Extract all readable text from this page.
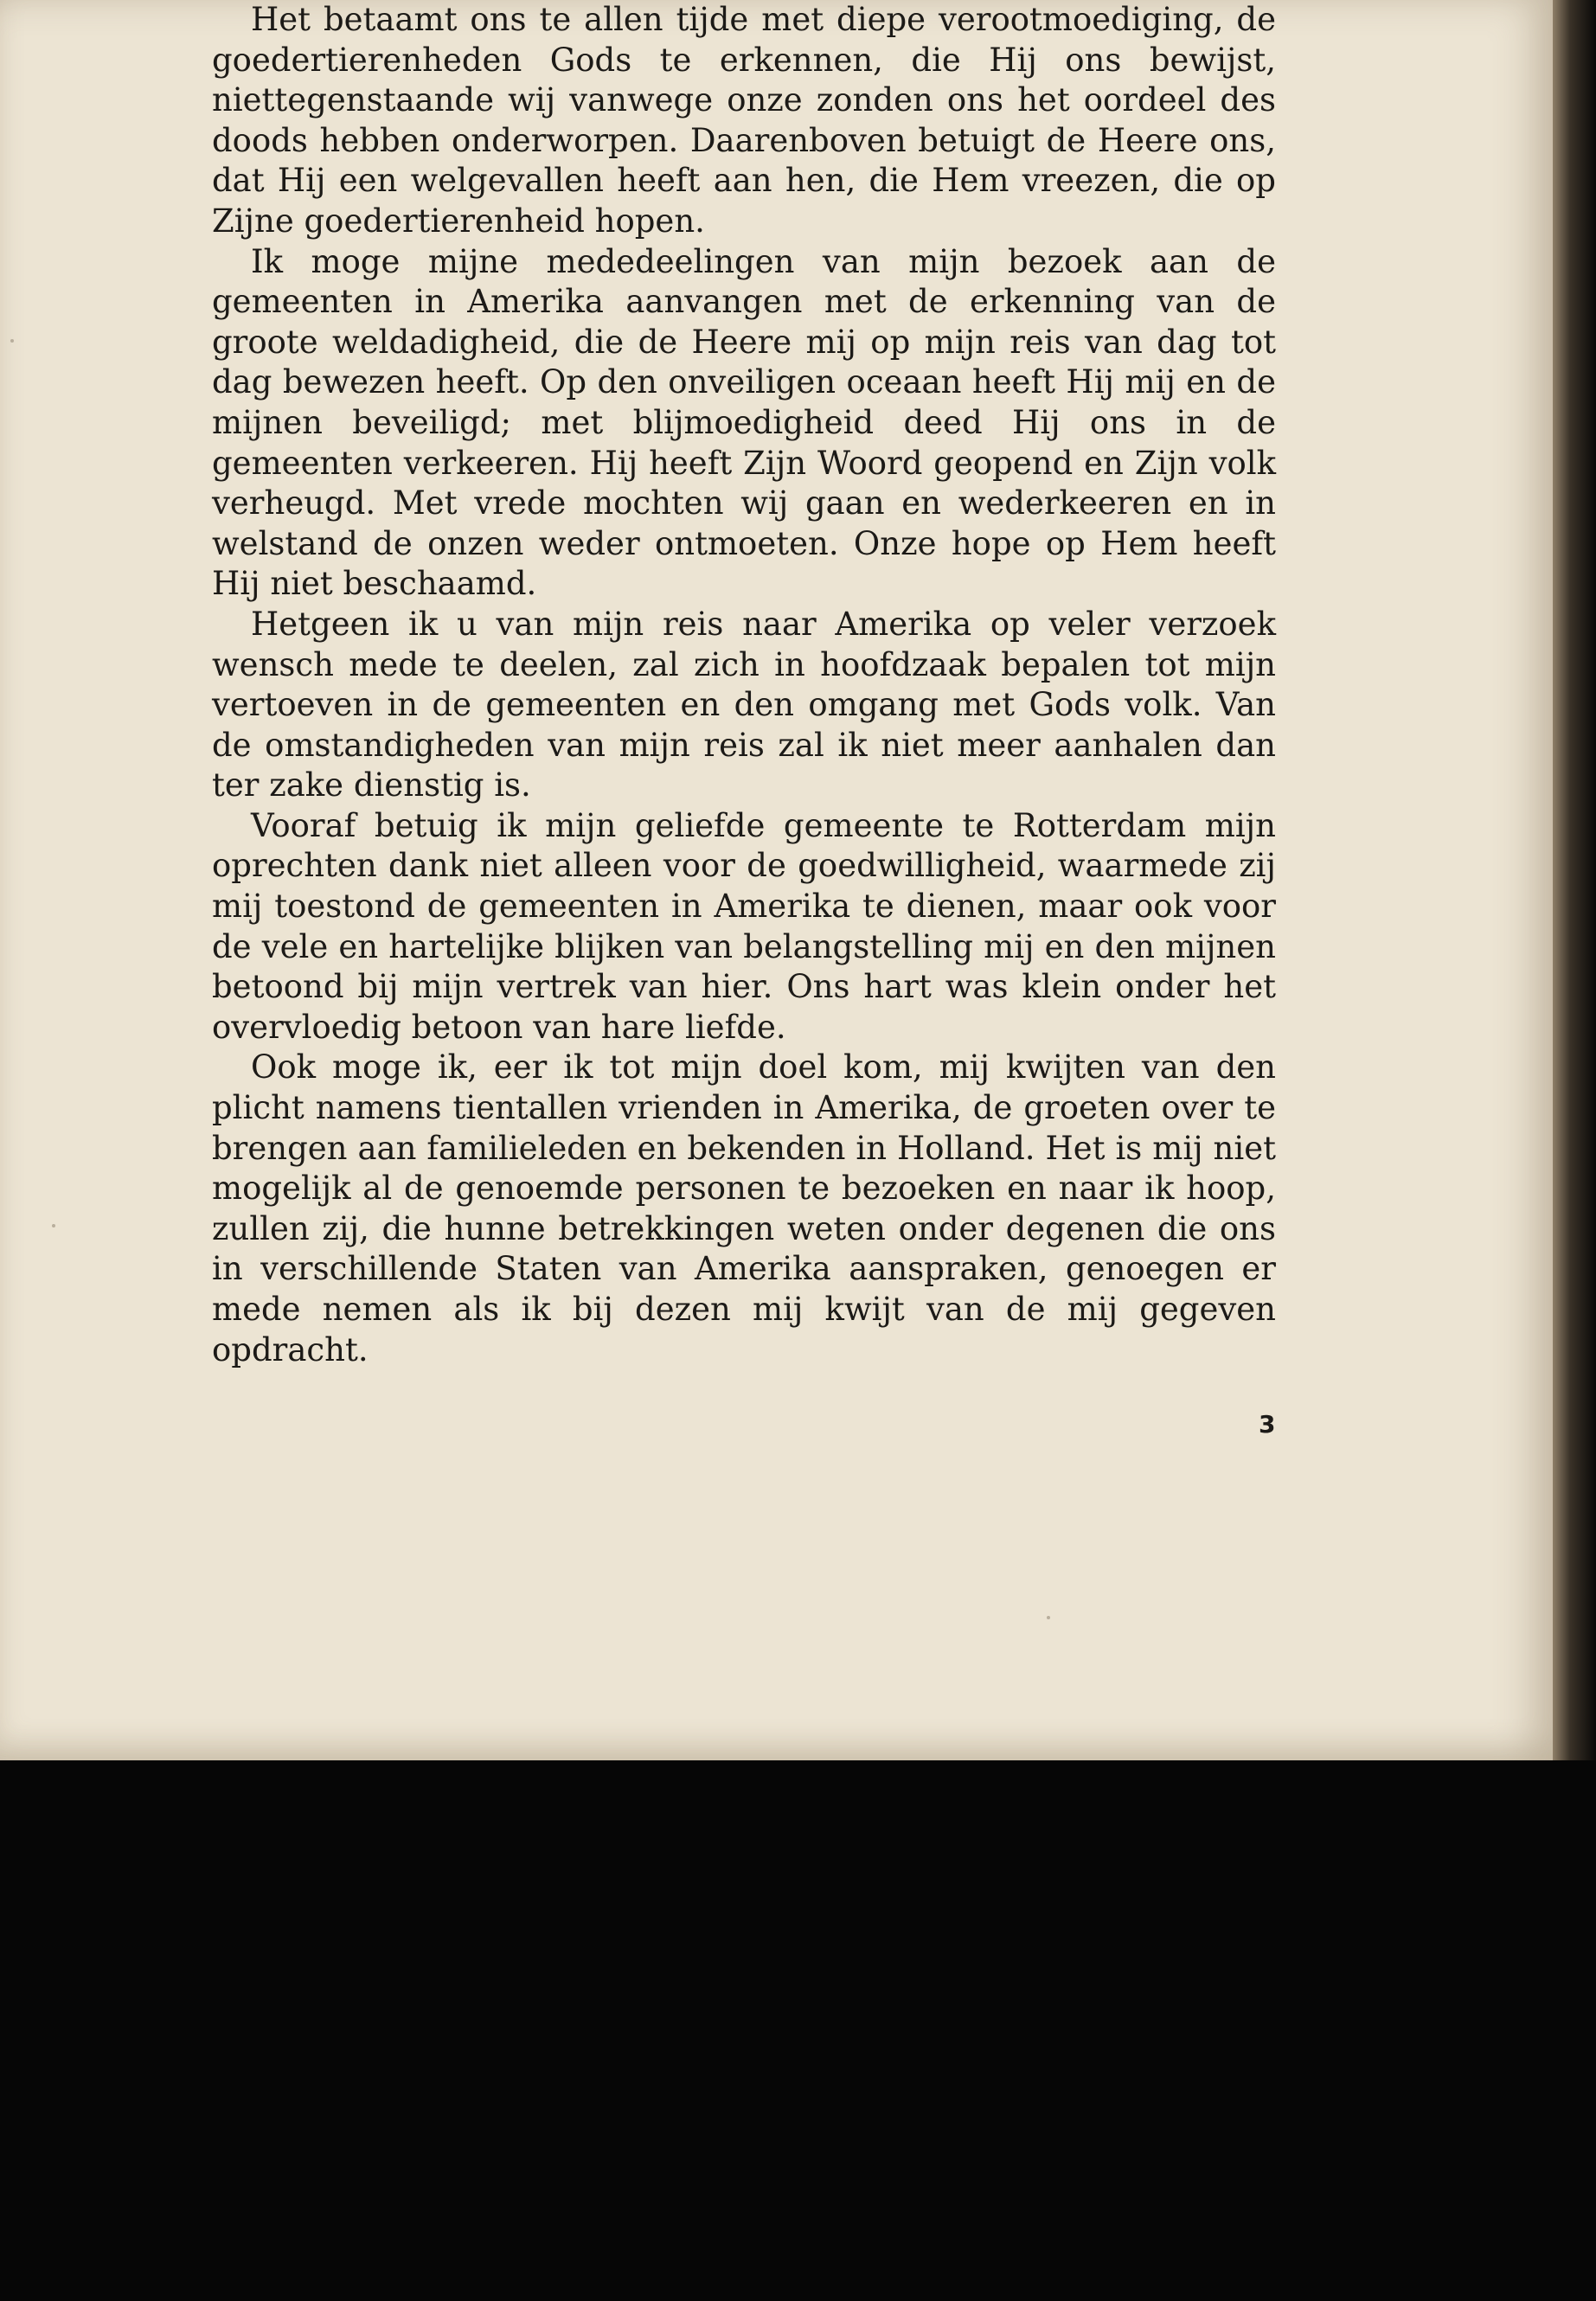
Het betaamt ons te allen tijde met diepe verootmoediging, de goedertierenheden Gods te erkennen, die Hij ons bewijst, niettegenstaande wij vanwege onze zonden ons het oordeel des doods hebben onderworpen. Daarenboven betuigt de Heere ons, dat Hij een welgevallen heeft aan hen, die Hem vreezen, die op Zijne goedertierenheid hopen.

Ik moge mijne mededeelingen van mijn bezoek aan de gemeenten in Amerika aanvangen met de erkenning van de groote weldadigheid, die de Heere mij op mijn reis van dag tot dag bewezen heeft. Op den onveiligen oceaan heeft Hij mij en de mijnen beveiligd; met blijmoedigheid deed Hij ons in de gemeenten verkeeren. Hij heeft Zijn Woord geopend en Zijn volk verheugd. Met vrede mochten wij gaan en wederkeeren en in welstand de onzen weder ontmoeten. Onze hope op Hem heeft Hij niet beschaamd.

Hetgeen ik u van mijn reis naar Amerika op veler verzoek wensch mede te deelen, zal zich in hoofdzaak bepalen tot mijn vertoeven in de gemeenten en den omgang met Gods volk. Van de omstandigheden van mijn reis zal ik niet meer aanhalen dan ter zake dienstig is.

Vooraf betuig ik mijn geliefde gemeente te Rotterdam mijn oprechten dank niet alleen voor de goedwilligheid, waarmede zij mij toestond de gemeenten in Amerika te dienen, maar ook voor de vele en hartelijke blijken van belangstelling mij en den mijnen betoond bij mijn vertrek van hier. Ons hart was klein onder het overvloedig betoon van hare liefde.

Ook moge ik, eer ik tot mijn doel kom, mij kwijten van den plicht namens tientallen vrienden in Amerika, de groeten over te brengen aan familieleden en bekenden in Holland. Het is mij niet mogelijk al de genoemde personen te bezoeken en naar ik hoop, zullen zij, die hunne betrekkingen weten onder degenen die ons in verschillende Staten van Amerika aanspraken, genoegen er mede nemen als ik bij dezen mij kwijt van de mij gegeven opdracht.

3
